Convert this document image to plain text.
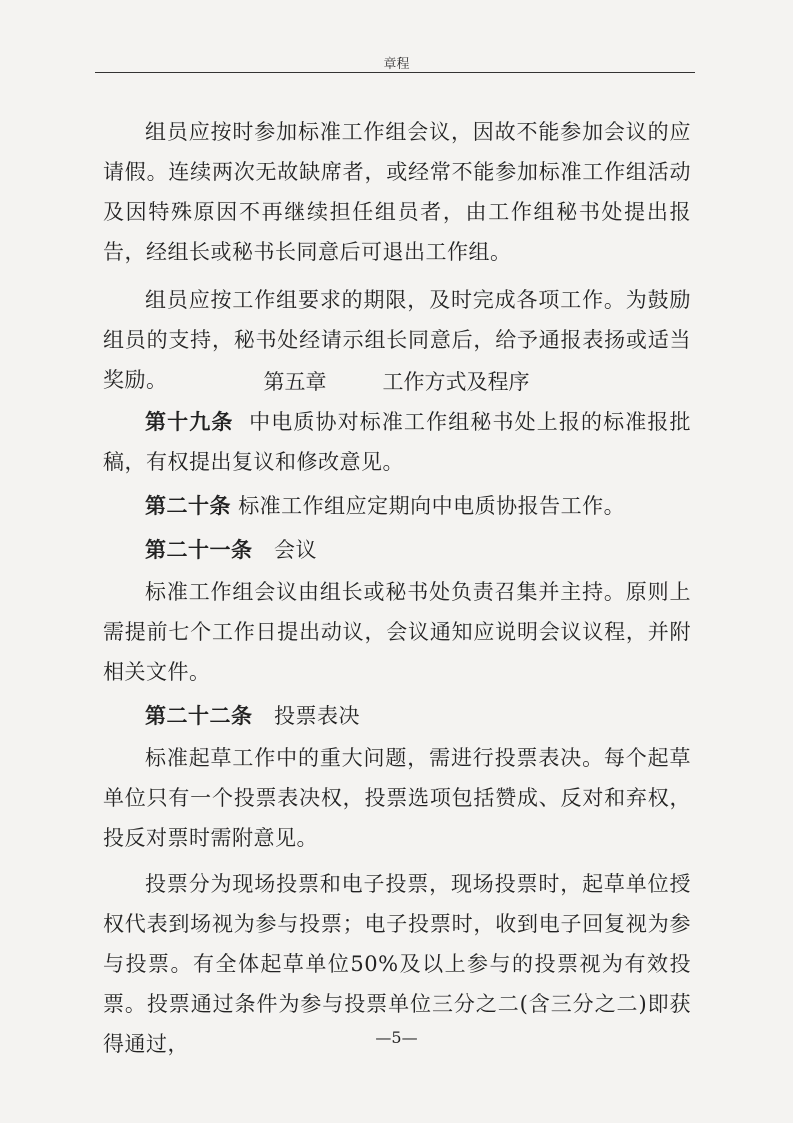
章程

组员应按时参加标准工作组会议，因故不能参加会议的应请假。连续两次无故缺席者，或经常不能参加标准工作组活动及因特殊原因不再继续担任组员者，由工作组秘书处提出报告，经组长或秘书长同意后可退出工作组。

组员应按工作组要求的期限，及时完成各项工作。为鼓励组员的支持，秘书处经请示组长同意后，给予通报表扬或适当奖励。	第五章	工作方式及程序

第十九条 中电质协对标准工作组秘书处上报的标准报批稿，有权提出复议和修改意见。

第二十条 标准工作组应定期向中电质协报告工作。

第二十一条 会议

标准工作组会议由组长或秘书处负责召集并主持。原则上需提前七个工作日提出动议，会议通知应说明会议议程，并附相关文件。

第二十二条 投票表决

标准起草工作中的重大问题，需进行投票表决。每个起草单位只有一个投票表决权，投票选项包括赞成、反对和弃权，投反对票时需附意见。

投票分为现场投票和电子投票，现场投票时，起草单位授权代表到场视为参与投票；电子投票时，收到电子回复视为参与投票。有全体起草单位50%及以上参与的投票视为有效投票。投票通过条件为参与投票单位三分之二(含三分之二)即获得通过，	—5—
